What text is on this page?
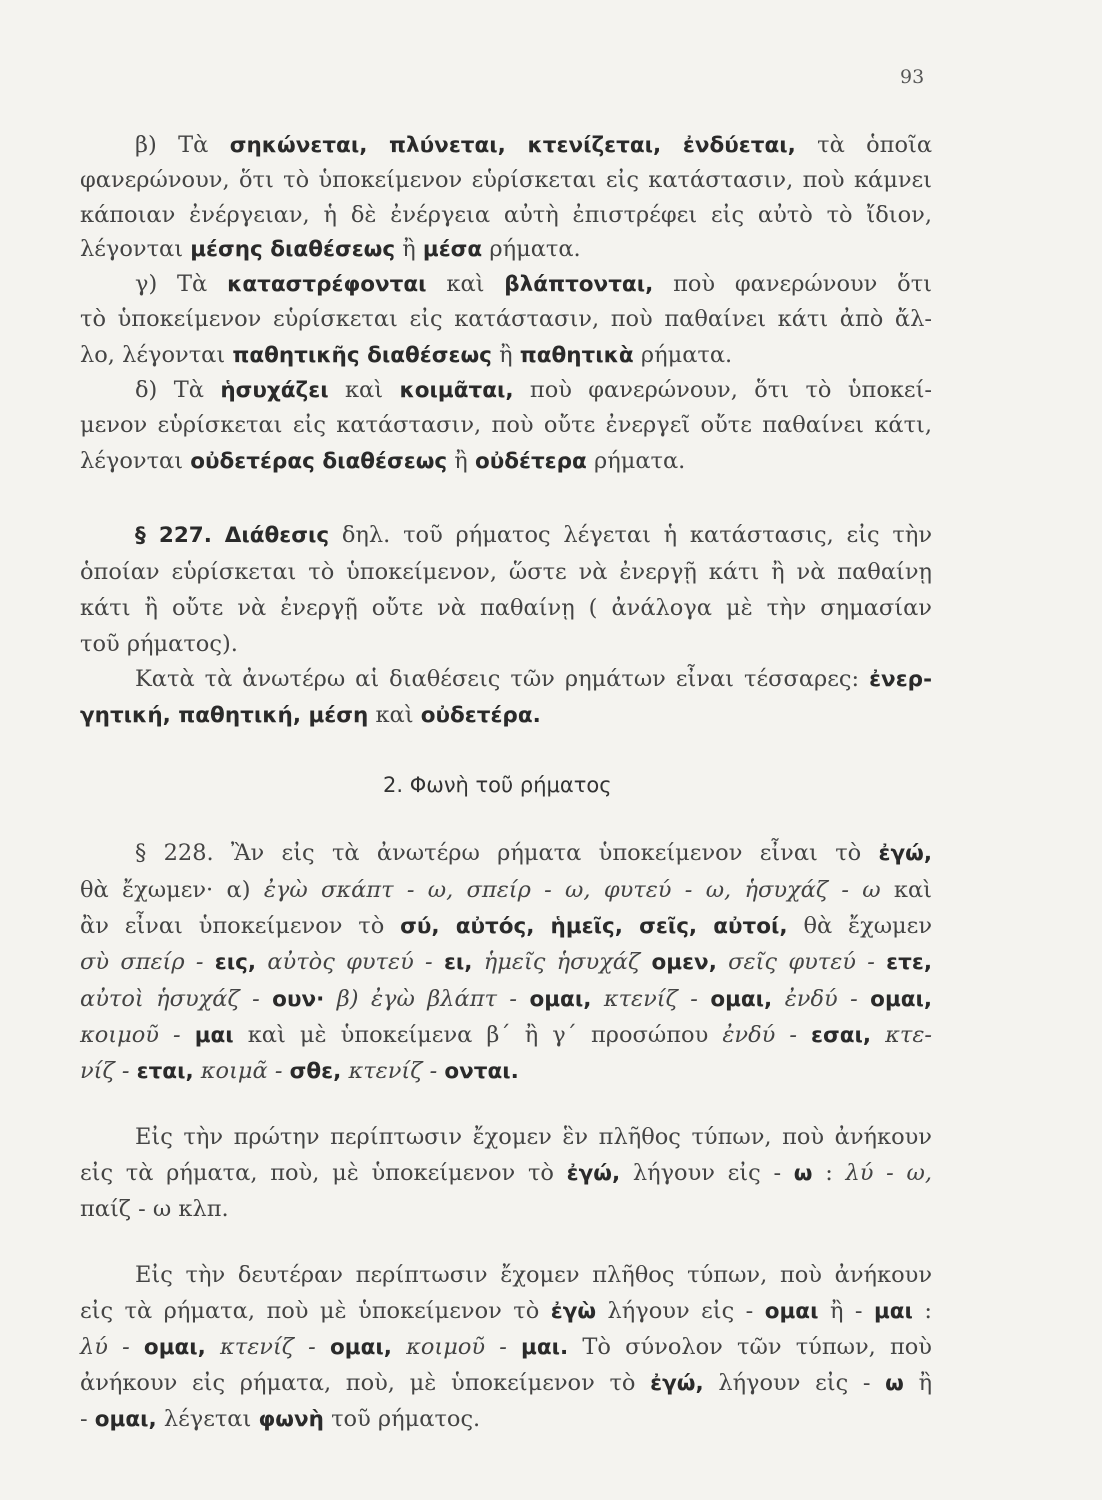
93
β) Τὰ σηκώνεται, πλύνεται, κτενίζεται, ἐνδύεται, τὰ ὁποῖα
φανερώνουν, ὅτι τὸ ὑποκείμενον εὑρίσκεται εἰς κατάστασιν, ποὺ κάμνει
κάποιαν ἐνέργειαν, ἡ δὲ ἐνέργεια αὐτὴ ἐπιστρέφει εἰς αὐτὸ τὸ ἴδιον,
λέγονται μέσης διαθέσεως ἢ μέσα ρήματα.
γ) Τὰ καταστρέφονται καὶ βλάπτονται, ποὺ φανερώνουν ὅτι
τὸ ὑποκείμενον εὑρίσκεται εἰς κατάστασιν, ποὺ παθαίνει κάτι ἀπὸ ἄλ-
λο, λέγονται παθητικῆς διαθέσεως ἢ παθητικὰ ρήματα.
δ) Τὰ ἡσυχάζει καὶ κοιμᾶται, ποὺ φανερώνουν, ὅτι τὸ ὑποκεί-
μενον εὑρίσκεται εἰς κατάστασιν, ποὺ οὔτε ἐνεργεῖ οὔτε παθαίνει κάτι,
λέγονται οὐδετέρας διαθέσεως ἢ οὐδέτερα ρήματα.
§ 227. Διάθεσις δηλ. τοῦ ρήματος λέγεται ἡ κατάστασις, εἰς τὴν
ὁποίαν εὑρίσκεται τὸ ὑποκείμενον, ὥστε νὰ ἐνεργῇ κάτι ἢ νὰ παθαίνῃ
κάτι ἢ οὔτε νὰ ἐνεργῇ οὔτε νὰ παθαίνῃ ( ἀνάλογα μὲ τὴν σημασίαν
τοῦ ρήματος).
Κατὰ τὰ ἀνωτέρω αἱ διαθέσεις τῶν ρημάτων εἶναι τέσσαρες: ἐνερ-
γητική, παθητική, μέση καὶ οὐδετέρα.
2. Φωνὴ τοῦ ρήματος
§ 228. Ἂν εἰς τὰ ἀνωτέρω ρήματα ὑποκείμενον εἶναι τὸ ἐγώ,
θὰ ἔχωμεν· α) ἐγὼ σκάπτ - ω, σπείρ - ω, φυτεύ - ω, ἡσυχάζ - ω καὶ
ἂν εἶναι ὑποκείμενον τὸ σύ, αὐτός, ἡμεῖς, σεῖς, αὐτοί, θὰ ἔχωμεν
σὺ σπείρ - εις, αὐτὸς φυτεύ - ει, ἡμεῖς ἡσυχάζ ομεν, σεῖς φυτεύ - ετε,
αὐτοὶ ἡσυχάζ - ουν· β) ἐγὼ βλάπτ - ομαι, κτενίζ - ομαι, ἐνδύ - ομαι,
κοιμοῦ - μαι καὶ μὲ ὑποκείμενα β΄ ἢ γ΄ προσώπου ἐνδύ - εσαι, κτε-
νίζ - εται, κοιμᾶ - σθε, κτενίζ - ονται.
Εἰς τὴν πρώτην περίπτωσιν ἔχομεν ἓν πλῆθος τύπων, ποὺ ἀνήκουν
εἰς τὰ ρήματα, ποὺ, μὲ ὑποκείμενον τὸ ἐγώ, λήγουν εἰς - ω : λύ - ω,
παίζ - ω κλπ.
Εἰς τὴν δευτέραν περίπτωσιν ἔχομεν πλῆθος τύπων, ποὺ ἀνήκουν
εἰς τὰ ρήματα, ποὺ μὲ ὑποκείμενον τὸ ἐγὼ λήγουν εἰς - ομαι ἢ - μαι :
λύ - ομαι, κτενίζ - ομαι, κοιμοῦ - μαι. Τὸ σύνολον τῶν τύπων, ποὺ
ἀνήκουν εἰς ρήματα, ποὺ, μὲ ὑποκείμενον τὸ ἐγώ, λήγουν εἰς - ω ἢ
- ομαι, λέγεται φωνὴ τοῦ ρήματος.
